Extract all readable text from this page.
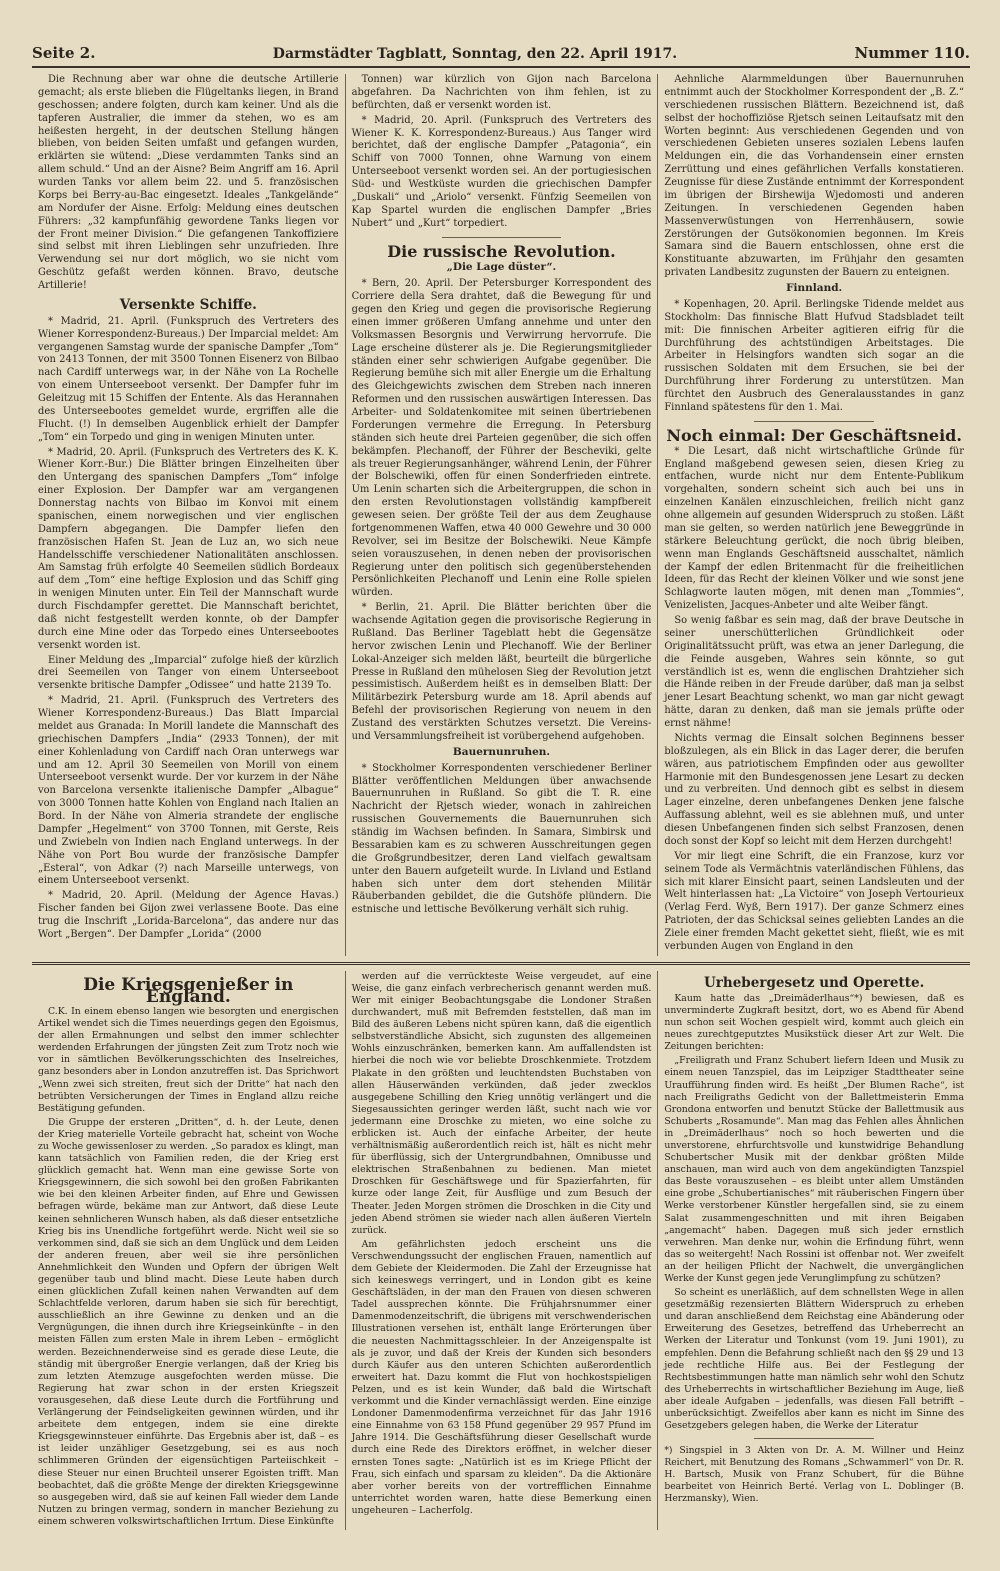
Seite 2.	Darmstädter Tagblatt, Sonntag, den 22. April 1917.	Nummer 110.

Die Rechnung aber war ohne die deutsche Artillerie gemacht; als erste blieben die Flügeltanks liegen, in Brand geschossen; andere folgten, durch kam keiner. Und als die tapferen Australier, die immer da stehen, wo es am heißesten hergeht, in der deutschen Stellung hängen blieben, von beiden Seiten umfaßt und gefangen wurden, erklärten sie wütend: „Diese verdammten Tanks sind an allem schuld.“ Und an der Aisne? Beim Angriff am 16. April wurden Tanks vor allem beim 22. und 5. französischen Korps bei Berry-au-Bac eingesetzt. Ideales „Tankgelände“ am Nordufer der Aisne. Erfolg: Meldung eines deutschen Führers: „32 kampfunfähig gewordene Tanks liegen vor der Front meiner Division.“ Die gefangenen Tankoffiziere sind selbst mit ihren Lieblingen sehr unzufrieden. Ihre Verwendung sei nur dort möglich, wo sie nicht vom Geschütz gefaßt werden können. Bravo, deutsche Artillerie!

Versenkte Schiffe.

* Madrid, 21. April. (Funkspruch des Vertreters des Wiener Korrespondenz-Bureaus.) Der Imparcial meldet: Am vergangenen Samstag wurde der spanische Dampfer „Tom“ von 2413 Tonnen, der mit 3500 Tonnen Eisenerz von Bilbao nach Cardiff unterwegs war, in der Nähe von La Rochelle von einem Unterseeboot versenkt. Der Dampfer fuhr im Geleitzug mit 15 Schiffen der Entente. Als das Herannahen des Unterseebootes gemeldet wurde, ergriffen alle die Flucht. (!) In demselben Augenblick erhielt der Dampfer „Tom“ ein Torpedo und ging in wenigen Minuten unter.

* Madrid, 20. April. (Funkspruch des Vertreters des K. K. Wiener Korr.-Bur.) Die Blätter bringen Einzelheiten über den Untergang des spanischen Dampfers „Tom“ infolge einer Explosion. Der Dampfer war am vergangenen Donnerstag nachts von Bilbao im Konvoi mit einem spanischen, einem norwegischen und vier englischen Dampfern abgegangen. Die Dampfer liefen den französischen Hafen St. Jean de Luz an, wo sich neue Handelsschiffe verschiedener Nationalitäten anschlossen. Am Samstag früh erfolgte 40 Seemeilen südlich Bordeaux auf dem „Tom“ eine heftige Explosion und das Schiff ging in wenigen Minuten unter. Ein Teil der Mannschaft wurde durch Fischdampfer gerettet. Die Mannschaft berichtet, daß nicht festgestellt werden konnte, ob der Dampfer durch eine Mine oder das Torpedo eines Unterseebootes versenkt worden ist.

Einer Meldung des „Imparcial“ zufolge hieß der kürzlich drei Seemeilen von Tanger von einem Unterseeboot versenkte britische Dampfer „Odissee“ und hatte 2139 To.

* Madrid, 21. April. (Funkspruch des Vertreters des Wiener Korrespondenz-Bureaus.) Das Blatt Imparcial meldet aus Granada: In Morill landete die Mannschaft des griechischen Dampfers „India“ (2933 Tonnen), der mit einer Kohlenladung von Cardiff nach Oran unterwegs war und am 12. April 30 Seemeilen von Morill von einem Unterseeboot versenkt wurde. Der vor kurzem in der Nähe von Barcelona versenkte italienische Dampfer „Albague“ von 3000 Tonnen hatte Kohlen von England nach Italien an Bord. In der Nähe von Almeria strandete der englische Dampfer „Hegelment“ von 3700 Tonnen, mit Gerste, Reis und Zwiebeln von Indien nach England unterwegs. In der Nähe von Port Bou wurde der französische Dampfer „Esteral“, von Adkar (?) nach Marseille unterwegs, von einem Unterseeboot versenkt.

* Madrid, 20. April. (Meldung der Agence Havas.) Fischer fanden bei Gijon zwei verlassene Boote. Das eine trug die Inschrift „Lorida-Barcelona“, das andere nur das Wort „Bergen“. Der Dampfer „Lorida“ (2000

Tonnen) war kürzlich von Gijon nach Barcelona abgefahren. Da Nachrichten von ihm fehlen, ist zu befürchten, daß er versenkt worden ist.

* Madrid, 20. April. (Funkspruch des Vertreters des Wiener K. K. Korrespondenz-Bureaus.) Aus Tanger wird berichtet, daß der englische Dampfer „Patagonia“, ein Schiff von 7000 Tonnen, ohne Warnung von einem Unterseeboot versenkt worden sei. An der portugiesischen Süd- und Westküste wurden die griechischen Dampfer „Duskali“ und „Ariolo“ versenkt. Fünfzig Seemeilen von Kap Spartel wurden die englischen Dampfer „Bries Nubert“ und „Kurt“ torpediert.

Die russische Revolution.
„Die Lage düster“.

* Bern, 20. April. Der Petersburger Korrespondent des Corriere della Sera drahtet, daß die Bewegung für und gegen den Krieg und gegen die provisorische Regierung einen immer größeren Umfang annehme und unter den Volksmassen Besorgnis und Verwirrung hervorrufe. Die Lage erscheine düsterer als je. Die Regierungsmitglieder ständen einer sehr schwierigen Aufgabe gegenüber. Die Regierung bemühe sich mit aller Energie um die Erhaltung des Gleichgewichts zwischen dem Streben nach inneren Reformen und den russischen auswärtigen Interessen. Das Arbeiter- und Soldatenkomitee mit seinen übertriebenen Forderungen vermehre die Erregung. In Petersburg ständen sich heute drei Parteien gegenüber, die sich offen bekämpfen. Plechanoff, der Führer der Bescheviki, gelte als treuer Regierungsanhänger, während Lenin, der Führer der Bolschewiki, offen für einen Sonderfrieden eintrete. Um Lenin scharten sich die Arbeitergruppen, die schon in den ersten Revolutionstagen vollständig kampfbereit gewesen seien. Der größte Teil der aus dem Zeughause fortgenommenen Waffen, etwa 40 000 Gewehre und 30 000 Revolver, sei im Besitze der Bolschewiki. Neue Kämpfe seien vorauszusehen, in denen neben der provisorischen Regierung unter den politisch sich gegenüberstehenden Persönlichkeiten Plechanoff und Lenin eine Rolle spielen würden.

* Berlin, 21. April. Die Blätter berichten über die wachsende Agitation gegen die provisorische Regierung in Rußland. Das Berliner Tageblatt hebt die Gegensätze hervor zwischen Lenin und Plechanoff. Wie der Berliner Lokal-Anzeiger sich melden läßt, beurteilt die bürgerliche Presse in Rußland den mühelosen Sieg der Revolution jetzt pessimistisch. Außerdem heißt es in demselben Blatt: Der Militärbezirk Petersburg wurde am 18. April abends auf Befehl der provisorischen Regierung von neuem in den Zustand des verstärkten Schutzes versetzt. Die Vereins- und Versammlungsfreiheit ist vorübergehend aufgehoben.

Bauernunruhen.

* Stockholmer Korrespondenten verschiedener Berliner Blätter veröffentlichen Meldungen über anwachsende Bauernunruhen in Rußland. So gibt die T. R. eine Nachricht der Rjetsch wieder, wonach in zahlreichen russischen Gouvernements die Bauernunruhen sich ständig im Wachsen befinden. In Samara, Simbirsk und Bessarabien kam es zu schweren Ausschreitungen gegen die Großgrundbesitzer, deren Land vielfach gewaltsam unter den Bauern aufgeteilt wurde. In Livland und Estland haben sich unter dem dort stehenden Militär Räuberbanden gebildet, die die Gutshöfe plündern. Die estnische und lettische Bevölkerung verhält sich ruhig.

Aehnliche Alarmmeldungen über Bauernunruhen entnimmt auch der Stockholmer Korrespondent der „B. Z.“ verschiedenen russischen Blättern. Bezeichnend ist, daß selbst der hochoffiziöse Rjetsch seinen Leitaufsatz mit den Worten beginnt: Aus verschiedenen Gegenden und von verschiedenen Gebieten unseres sozialen Lebens laufen Meldungen ein, die das Vorhandensein einer ernsten Zerrüttung und eines gefährlichen Verfalls konstatieren. Zeugnisse für diese Zustände entnimmt der Korrespondent im übrigen der Birshewija Wjedomosti und anderen Zeitungen. In verschiedenen Gegenden haben Massenverwüstungen von Herrenhäusern, sowie Zerstörungen der Gutsökonomien begonnen. Im Kreis Samara sind die Bauern entschlossen, ohne erst die Konstituante abzuwarten, im Frühjahr den gesamten privaten Landbesitz zugunsten der Bauern zu enteignen.

Finnland.

* Kopenhagen, 20. April. Berlingske Tidende meldet aus Stockholm: Das finnische Blatt Hufvud Stadsbladet teilt mit: Die finnischen Arbeiter agitieren eifrig für die Durchführung des achtstündigen Arbeitstages. Die Arbeiter in Helsingfors wandten sich sogar an die russischen Soldaten mit dem Ersuchen, sie bei der Durchführung ihrer Forderung zu unterstützen. Man fürchtet den Ausbruch des Generalausstandes in ganz Finnland spätestens für den 1. Mai.

Noch einmal: Der Geschäftsneid.

* Die Lesart, daß nicht wirtschaftliche Gründe für England maßgebend gewesen seien, diesen Krieg zu entfachen, wurde nicht nur dem Entente-Publikum vorgehalten, sondern scheint sich auch bei uns in einzelnen Kanälen einzuschleichen, freilich nicht ganz ohne allgemein auf gesunden Widerspruch zu stoßen. Läßt man sie gelten, so werden natürlich jene Beweggründe in stärkere Beleuchtung gerückt, die noch übrig bleiben, wenn man Englands Geschäftsneid ausschaltet, nämlich der Kampf der edlen Britenmacht für die freiheitlichen Ideen, für das Recht der kleinen Völker und wie sonst jene Schlagworte lauten mögen, mit denen man „Tommies“, Venizelisten, Jacques-Anbeter und alte Weiber fängt.

So wenig faßbar es sein mag, daß der brave Deutsche in seiner unerschütterlichen Gründlichkeit oder Originalitätssucht prüft, was etwa an jener Darlegung, die die Feinde ausgeben, Wahres sein könnte, so gut verständlich ist es, wenn die englischen Drahtzieher sich die Hände reiben in der Freude darüber, daß man ja selbst jener Lesart Beachtung schenkt, wo man gar nicht gewagt hätte, daran zu denken, daß man sie jemals prüfte oder ernst nähme!

Nichts vermag die Einsalt solchen Beginnens besser bloßzulegen, als ein Blick in das Lager derer, die berufen wären, aus patriotischem Empfinden oder aus gewollter Harmonie mit den Bundesgenossen jene Lesart zu decken und zu verbreiten. Und dennoch gibt es selbst in diesem Lager einzelne, deren unbefangenes Denken jene falsche Auffassung ablehnt, weil es sie ablehnen muß, und unter diesen Unbefangenen finden sich selbst Franzosen, denen doch sonst der Kopf so leicht mit dem Herzen durchgeht!

Vor mir liegt eine Schrift, die ein Franzose, kurz vor seinem Tode als Vermächtnis vaterländischen Fühlens, das sich mit klarer Einsicht paart, seinen Landsleuten und der Welt hinterlassen hat: „La Victoire“ von Joseph Vertourieux (Verlag Ferd. Wyß, Bern 1917). Der ganze Schmerz eines Patrioten, der das Schicksal seines geliebten Landes an die Ziele einer fremden Macht gekettet sieht, fließt, wie es mit verbunden Augen von England in den

Die Kriegsgenießer in England.

C.K. In einem ebenso langen wie besorgten und energischen Artikel wendet sich die Times neuerdings gegen den Egoismus, der allen Ermahnungen und selbst den immer schlechter werdenden Erfahrungen der jüngsten Zeit zum Trotz noch wie vor in sämtlichen Bevölkerungsschichten des Inselreiches, ganz besonders aber in London anzutreffen ist. Das Sprichwort „Wenn zwei sich streiten, freut sich der Dritte“ hat nach den betrübten Versicherungen der Times in England allzu reiche Bestätigung gefunden.

Die Gruppe der ersteren „Dritten“, d. h. der Leute, denen der Krieg materielle Vorteile gebracht hat, scheint von Woche zu Woche gewissenloser zu werden. „So paradox es klingt, man kann tatsächlich von Familien reden, die der Krieg erst glücklich gemacht hat. Wenn man eine gewisse Sorte von Kriegsgewinnern, die sich sowohl bei den großen Fabrikanten wie bei den kleinen Arbeiter finden, auf Ehre und Gewissen befragen würde, bekäme man zur Antwort, daß diese Leute keinen sehnlicheren Wunsch haben, als daß dieser entsetzliche Krieg bis ins Unendliche fortgeführt werde. Nicht weil sie so verkommen sind, daß sie sich an dem Unglück und dem Leiden der anderen freuen, aber weil sie ihre persönlichen Annehmlichkeit den Wunden und Opfern der übrigen Welt gegenüber taub und blind macht. Diese Leute haben durch einen glücklichen Zufall keinen nahen Verwandten auf dem Schlachtfelde verloren, darum haben sie sich für berechtigt, ausschließlich an ihre Gewinne zu denken und an die Vergnügungen, die ihnen durch ihre Kriegseinkünfte – in den meisten Fällen zum ersten Male in ihrem Leben – ermöglicht werden. Bezeichnenderweise sind es gerade diese Leute, die ständig mit übergroßer Energie verlangen, daß der Krieg bis zum letzten Atemzuge ausgefochten werden müsse. Die Regierung hat zwar schon in der ersten Kriegszeit vorausgesehen, daß diese Leute durch die Fortführung und Verlängerung der Feindseligkeiten gewinnen würden, und ihr arbeitete dem entgegen, indem sie eine direkte Kriegsgewinnsteuer einführte. Das Ergebnis aber ist, daß – es ist leider unzähliger Gesetzgebung, sei es aus noch schlimmeren Gründen der eigensüchtigen Parteiischkeit – diese Steuer nur einen Bruchteil unserer Egoisten trifft. Man beobachtet, daß die größte Menge der direkten Kriegsgewinne so ausgegeben wird, daß sie auf keinen Fall wieder dem Lande Nutzen zu bringen vermag, sondern in mancher Beziehung zu einem schweren volkswirtschaftlichen Irrtum. Diese Einkünfte

werden auf die verrückteste Weise vergeudet, auf eine Weise, die ganz einfach verbrecherisch genannt werden muß. Wer mit einiger Beobachtungsgabe die Londoner Straßen durchwandert, muß mit Befremden feststellen, daß man im Bild des äußeren Lebens nicht spüren kann, daß die eigentlich selbstverständliche Absicht, sich zugunsten des allgemeinen Wohls einzuschränken, bemerken kann. Am auffallendsten ist hierbei die noch wie vor beliebte Droschkenmiete. Trotzdem Plakate in den größten und leuchtendsten Buchstaben von allen Häuserwänden verkünden, daß jeder zwecklos ausgegebene Schilling den Krieg unnötig verlängert und die Siegesaussichten geringer werden läßt, sucht nach wie vor jedermann eine Droschke zu mieten, wo eine solche zu erblicken ist. Auch der einfache Arbeiter, der heute verhältnismäßig außerordentlich reich ist, hält es nicht mehr für überflüssig, sich der Untergrundbahnen, Omnibusse und elektrischen Straßenbahnen zu bedienen. Man mietet Droschken für Geschäftswege und für Spazierfahrten, für kurze oder lange Zeit, für Ausflüge und zum Besuch der Theater. Jeden Morgen strömen die Droschken in die City und jeden Abend strömen sie wieder nach allen äußeren Vierteln zurück.

Am gefährlichsten jedoch erscheint uns die Verschwendungssucht der englischen Frauen, namentlich auf dem Gebiete der Kleidermoden. Die Zahl der Erzeugnisse hat sich keineswegs verringert, und in London gibt es keine Geschäftsläden, in der man den Frauen von diesen schweren Tadel aussprechen könnte. Die Frühjahrsnummer einer Damenmodenzeitschrift, die übrigens mit verschwenderischen Illustrationen versehen ist, enthält lange Erörterungen über die neuesten Nachmittagsschleier. In der Anzeigenspalte ist als je zuvor, und daß der Kreis der Kunden sich besonders durch Käufer aus den unteren Schichten außerordentlich erweitert hat. Dazu kommt die Flut von hochkostspieligen Pelzen, und es ist kein Wunder, daß bald die Wirtschaft verkommt und die Kinder vernachlässigt werden. Eine einzige Londoner Damenmodenfirma verzeichnet für das Jahr 1916 eine Einnahme von 63 158 Pfund gegenüber 29 957 Pfund im Jahre 1914. Die Geschäftsführung dieser Gesellschaft wurde durch eine Rede des Direktors eröffnet, in welcher dieser ernsten Tones sagte: „Natürlich ist es im Kriege Pflicht der Frau, sich einfach und sparsam zu kleiden“. Da die Aktionäre aber vorher bereits von der vortrefflichen Einnahme unterrichtet worden waren, hatte diese Bemerkung einen ungeheuren – Lacherfolg.

Urhebergesetz und Operette.

Kaum hatte das „Dreimäderlhaus“*) bewiesen, daß es unverminderte Zugkraft besitzt, dort, wo es Abend für Abend nun schon seit Wochen gespielt wird, kommt auch gleich ein neues zurechtgeputztes Musikstück dieser Art zur Welt. Die Zeitungen berichten:

„Freiligrath und Franz Schubert liefern Ideen und Musik zu einem neuen Tanzspiel, das im Leipziger Stadttheater seine Uraufführung finden wird. Es heißt „Der Blumen Rache“, ist nach Freiligraths Gedicht von der Ballettmeisterin Emma Grondona entworfen und benutzt Stücke der Ballettmusik aus Schuberts „Rosamunde“. Man mag das Fehlen alles Ähnlichen in „Dreimäderlhaus“ noch so hoch bewerten und die unverstorene, ehrfurchtsvolle und kunstwidrige Behandlung Schubertscher Musik mit der denkbar größten Milde anschauen, man wird auch von dem angekündigten Tanzspiel das Beste vorauszusehen – es bleibt unter allem Umständen eine grobe „Schubertianisches“ mit räuberischen Fingern über Werke verstorbener Künstler hergefallen sind, sie zu einem Salat zusammengeschnitten und mit ihren Beigaben „angemacht“ haben. Dagegen muß sich jeder ernstlich verwehren. Man denke nur, wohin die Erfindung führt, wenn das so weitergeht! Nach Rossini ist offenbar not. Wer zweifelt an der heiligen Pflicht der Nachwelt, die unvergänglichen Werke der Kunst gegen jede Verunglimpfung zu schützen?

So scheint es unerläßlich, auf dem schnellsten Wege in allen gesetzmäßig rezensierten Blättern Widerspruch zu erheben und daran anschließend dem Reichstag eine Abänderung oder Erweiterung des Gesetzes, betreffend das Urheberrecht an Werken der Literatur und Tonkunst (vom 19. Juni 1901), zu empfehlen. Denn die Befahrung schließt nach den §§ 29 und 13 jede rechtliche Hilfe aus. Bei der Festlegung der Rechtsbestimmungen hatte man nämlich sehr wohl den Schutz des Urheberrechts in wirtschaftlicher Beziehung im Auge, ließ aber ideale Aufgaben – jedenfalls, was diesen Fall betrifft – unberücksichtigt. Zweifellos aber kann es nicht im Sinne des Gesetzgebers gelegen haben, die Werke der Literatur

*) Singspiel in 3 Akten von Dr. A. M. Willner und Heinz Reichert, mit Benutzung des Romans „Schwammerl“ von Dr. R. H. Bartsch, Musik von Franz Schubert, für die Bühne bearbeitet von Heinrich Berté. Verlag von L. Doblinger (B. Herzmansky), Wien.
